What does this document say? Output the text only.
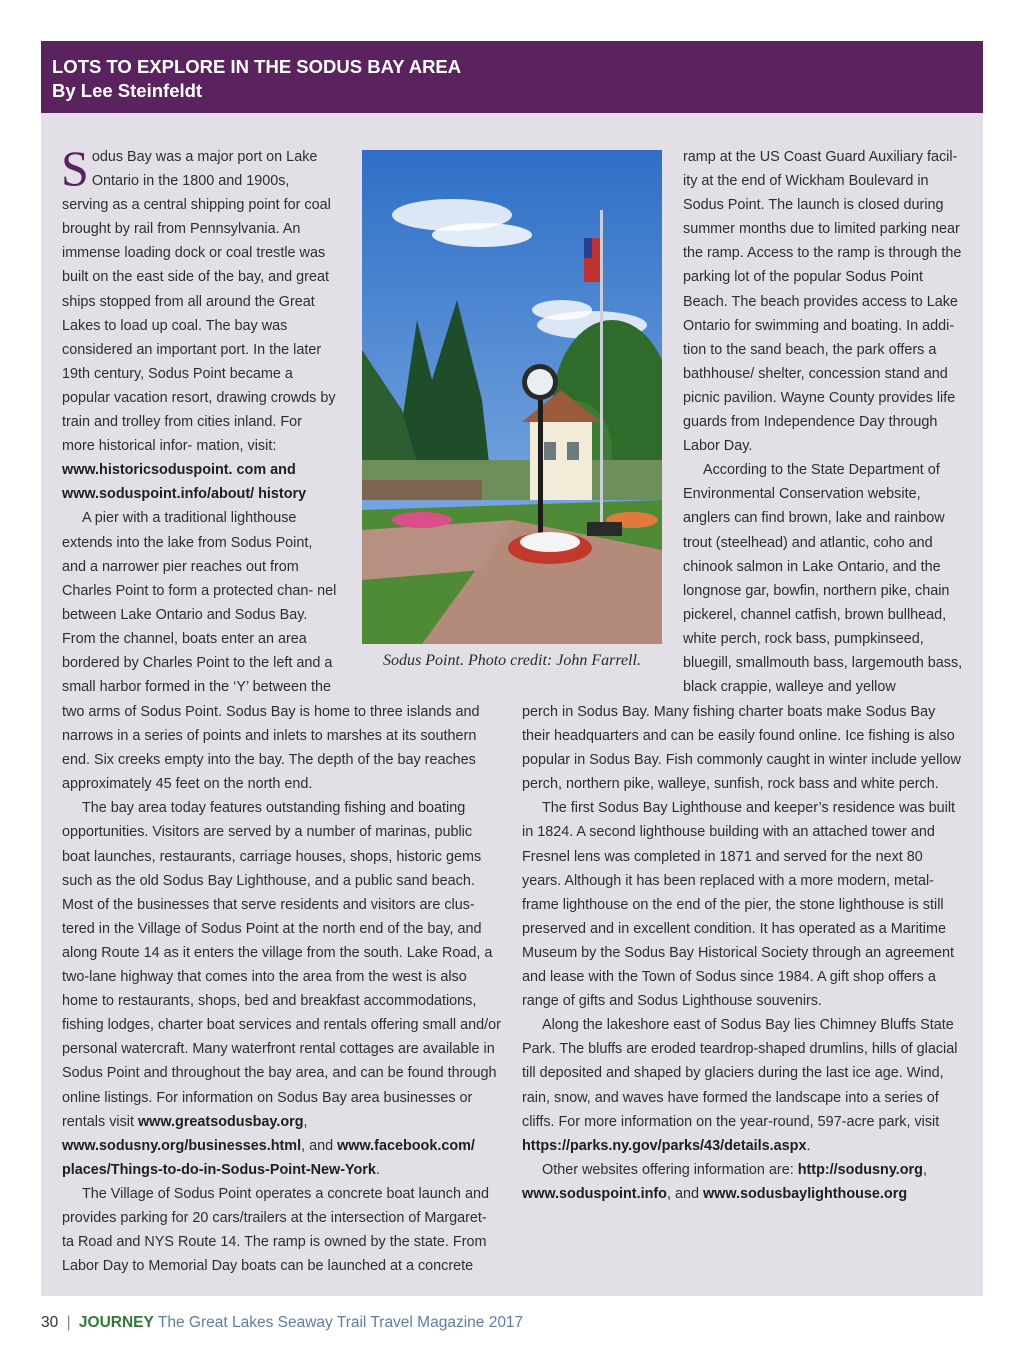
LOTS TO EXPLORE IN THE SODUS BAY AREA
By Lee Steinfeldt

Sodus Bay was a major port on Lake Ontario in the 1800 and 1900s, serving as a central shipping point for coal brought by rail from Pennsylvania. An immense loading dock or coal trestle was built on the east side of the bay, and great ships stopped from all around the Great Lakes to load up coal. The bay was considered an important port. In the later 19th century, Sodus Point became a popular vacation resort, drawing crowds by train and trolley from cities inland. For more historical infor- mation, visit: www.historicsoduspoint. com and www.soduspoint.info/about/ history

A pier with a traditional lighthouse extends into the lake from Sodus Point, and a narrower pier reaches out from Charles Point to form a protected chan- nel between Lake Ontario and Sodus Bay. From the channel, boats enter an area bordered by Charles Point to the left and a small harbor formed in the ‘Y’ between the

Sodus Point. Photo credit: John Farrell.

ramp at the US Coast Guard Auxiliary facil- ity at the end of Wickham Boulevard in Sodus Point. The launch is closed during summer months due to limited parking near the ramp. Access to the ramp is through the parking lot of the popular Sodus Point Beach. The beach provides access to Lake Ontario for swimming and boating. In addi- tion to the sand beach, the park offers a bathhouse/ shelter, concession stand and picnic pavilion. Wayne County provides life guards from Independence Day through Labor Day.

According to the State Department of Environmental Conservation website, anglers can find brown, lake and rainbow trout (steelhead) and atlantic, coho and chinook salmon in Lake Ontario, and the longnose gar, bowfin, northern pike, chain pickerel, channel catfish, brown bullhead, white perch, rock bass, pumpkinseed, bluegill, smallmouth bass, largemouth bass, black crappie, walleye and yellow

two arms of Sodus Point. Sodus Bay is home to three islands and narrows in a series of points and inlets to marshes at its southern end. Six creeks empty into the bay. The depth of the bay reaches approximately 45 feet on the north end.

The bay area today features outstanding fishing and boating opportunities. Visitors are served by a number of marinas, public boat launches, restaurants, carriage houses, shops, historic gems such as the old Sodus Bay Lighthouse, and a public sand beach. Most of the businesses that serve residents and visitors are clus- tered in the Village of Sodus Point at the north end of the bay, and along Route 14 as it enters the village from the south. Lake Road, a two-lane highway that comes into the area from the west is also home to restaurants, shops, bed and breakfast accommodations, fishing lodges, charter boat services and rentals offering small and/or personal watercraft. Many waterfront rental cottages are available in Sodus Point and throughout the bay area, and can be found through online listings. For information on Sodus Bay area businesses or rentals visit www.greatsodusbay.org, www.sodusny.org/businesses.html, and www.facebook.com/ places/Things-to-do-in-Sodus-Point-New-York.

The Village of Sodus Point operates a concrete boat launch and provides parking for 20 cars/trailers at the intersection of Margaret- ta Road and NYS Route 14. The ramp is owned by the state. From Labor Day to Memorial Day boats can be launched at a concrete

perch in Sodus Bay. Many fishing charter boats make Sodus Bay their headquarters and can be easily found online. Ice fishing is also popular in Sodus Bay. Fish commonly caught in winter include yellow perch, northern pike, walleye, sunfish, rock bass and white perch.

The first Sodus Bay Lighthouse and keeper’s residence was built in 1824. A second lighthouse building with an attached tower and Fresnel lens was completed in 1871 and served for the next 80 years. Although it has been replaced with a more modern, metal- frame lighthouse on the end of the pier, the stone lighthouse is still preserved and in excellent condition. It has operated as a Maritime Museum by the Sodus Bay Historical Society through an agreement and lease with the Town of Sodus since 1984. A gift shop offers a range of gifts and Sodus Lighthouse souvenirs.

Along the lakeshore east of Sodus Bay lies Chimney Bluffs State Park. The bluffs are eroded teardrop-shaped drumlins, hills of glacial till deposited and shaped by glaciers during the last ice age. Wind, rain, snow, and waves have formed the landscape into a series of cliffs. For more information on the year-round, 597-acre park, visit https://parks.ny.gov/parks/43/details.aspx.

Other websites offering information are: http://sodusny.org, www.soduspoint.info, and www.sodusbaylighthouse.org

30 | JOURNEY The Great Lakes Seaway Trail Travel Magazine 2017
